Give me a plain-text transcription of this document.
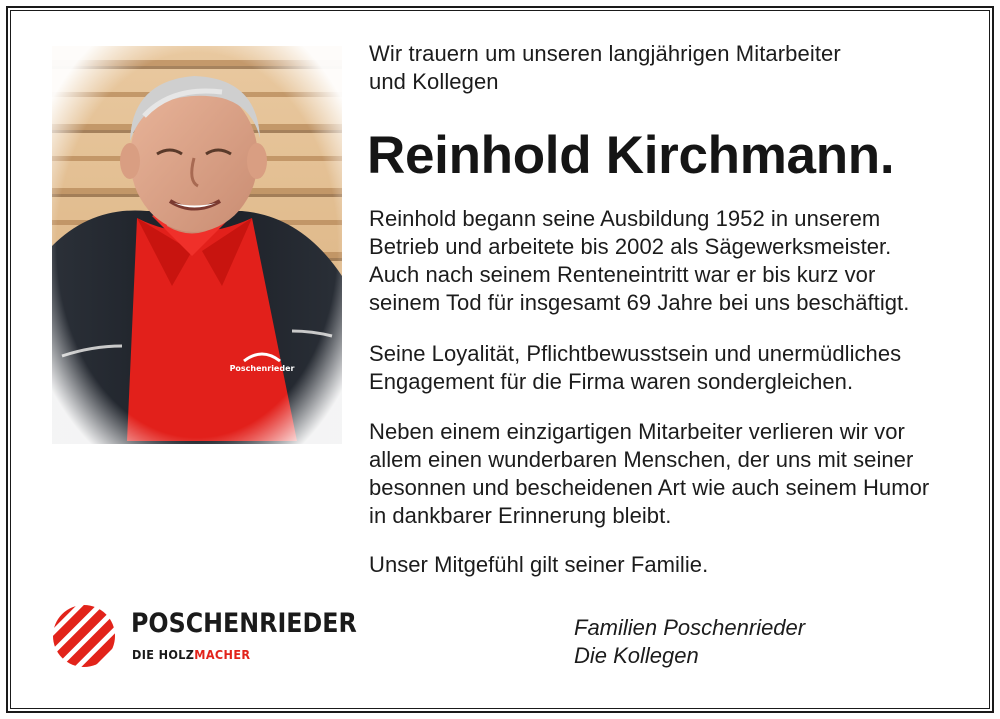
Wir trauern um unseren langjährigen Mitarbeiter
und Kollegen
Reinhold Kirchmann.
Reinhold begann seine Ausbildung 1952 in unserem
Betrieb und arbeitete bis 2002 als Sägewerksmeister.
Auch nach seinem Renteneintritt war er bis kurz vor
seinem Tod für insgesamt 69 Jahre bei uns beschäftigt.
Seine Loyalität, Pflichtbewusstsein und unermüdliches
Engagement für die Firma waren sondergleichen.
Neben einem einzigartigen Mitarbeiter verlieren wir vor
allem einen wunderbaren Menschen, der uns mit seiner
besonnen und bescheidenen Art wie auch seinem Humor
in dankbarer Erinnerung bleibt.
Unser Mitgefühl gilt seiner Familie.
POSCHENRIEDER
DIE HOLZMACHER
Familien Poschenrieder
Die Kollegen
